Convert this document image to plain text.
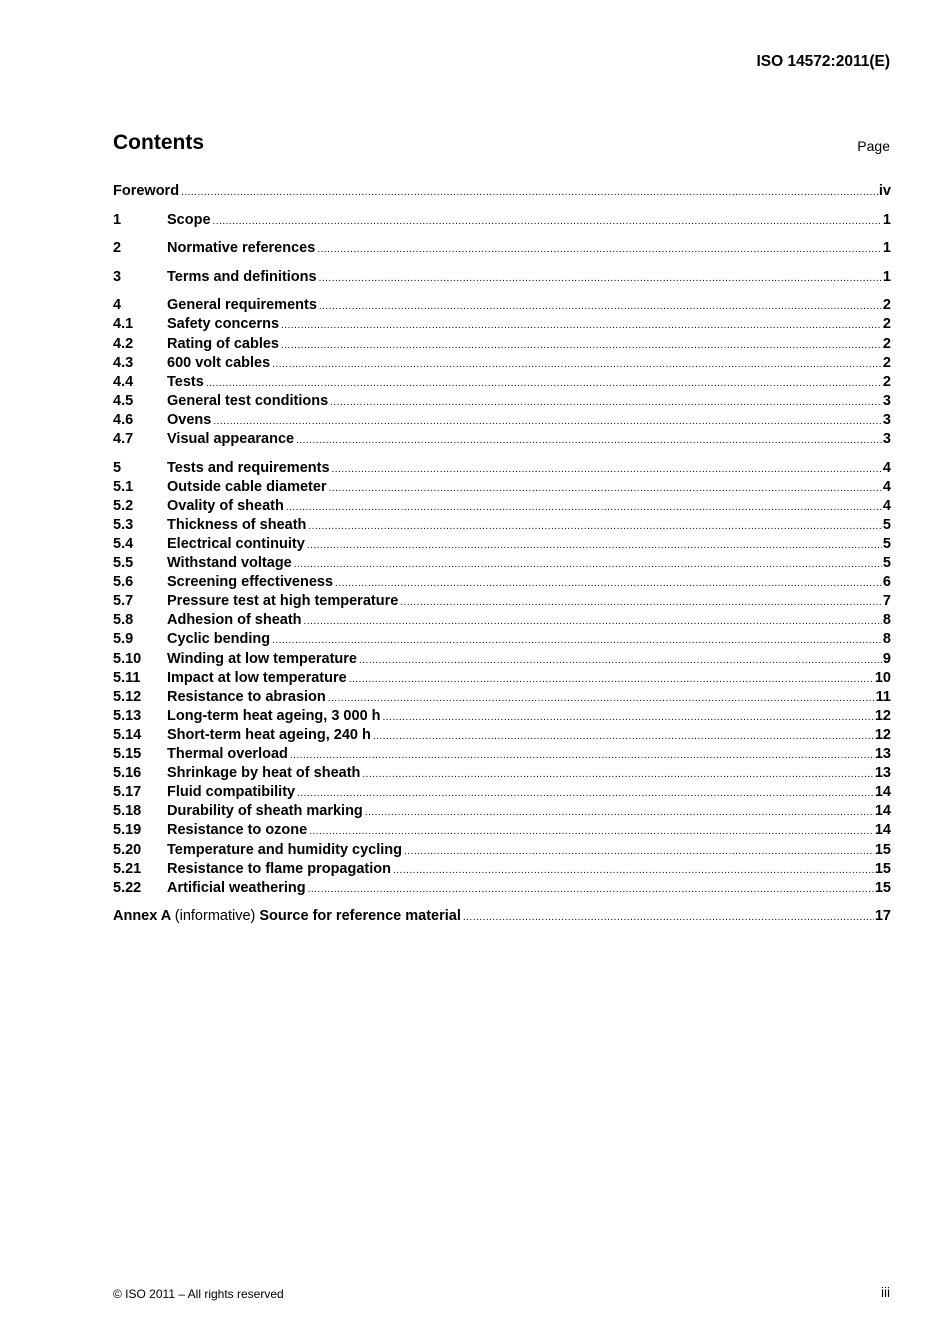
ISO 14572:2011(E)
Contents	Page
Foreword .....	iv
1	Scope .....	1
2	Normative references .....	1
3	Terms and definitions .....	1
4	General requirements .....	2
4.1	Safety concerns .....	2
4.2	Rating of cables .....	2
4.3	600 volt cables .....	2
4.4	Tests .....	2
4.5	General test conditions .....	3
4.6	Ovens .....	3
4.7	Visual appearance .....	3
5	Tests and requirements .....	4
5.1	Outside cable diameter .....	4
5.2	Ovality of sheath .....	4
5.3	Thickness of sheath .....	5
5.4	Electrical continuity .....	5
5.5	Withstand voltage .....	5
5.6	Screening effectiveness .....	6
5.7	Pressure test at high temperature .....	7
5.8	Adhesion of sheath .....	8
5.9	Cyclic bending .....	8
5.10	Winding at low temperature .....	9
5.11	Impact at low temperature .....	10
5.12	Resistance to abrasion .....	11
5.13	Long-term heat ageing, 3 000 h .....	12
5.14	Short-term heat ageing, 240 h .....	12
5.15	Thermal overload .....	13
5.16	Shrinkage by heat of sheath .....	13
5.17	Fluid compatibility .....	14
5.18	Durability of sheath marking .....	14
5.19	Resistance to ozone .....	14
5.20	Temperature and humidity cycling .....	15
5.21	Resistance to flame propagation .....	15
5.22	Artificial weathering .....	15
Annex A (informative) Source for reference material .....	17
© ISO 2011 – All rights reserved	iii
